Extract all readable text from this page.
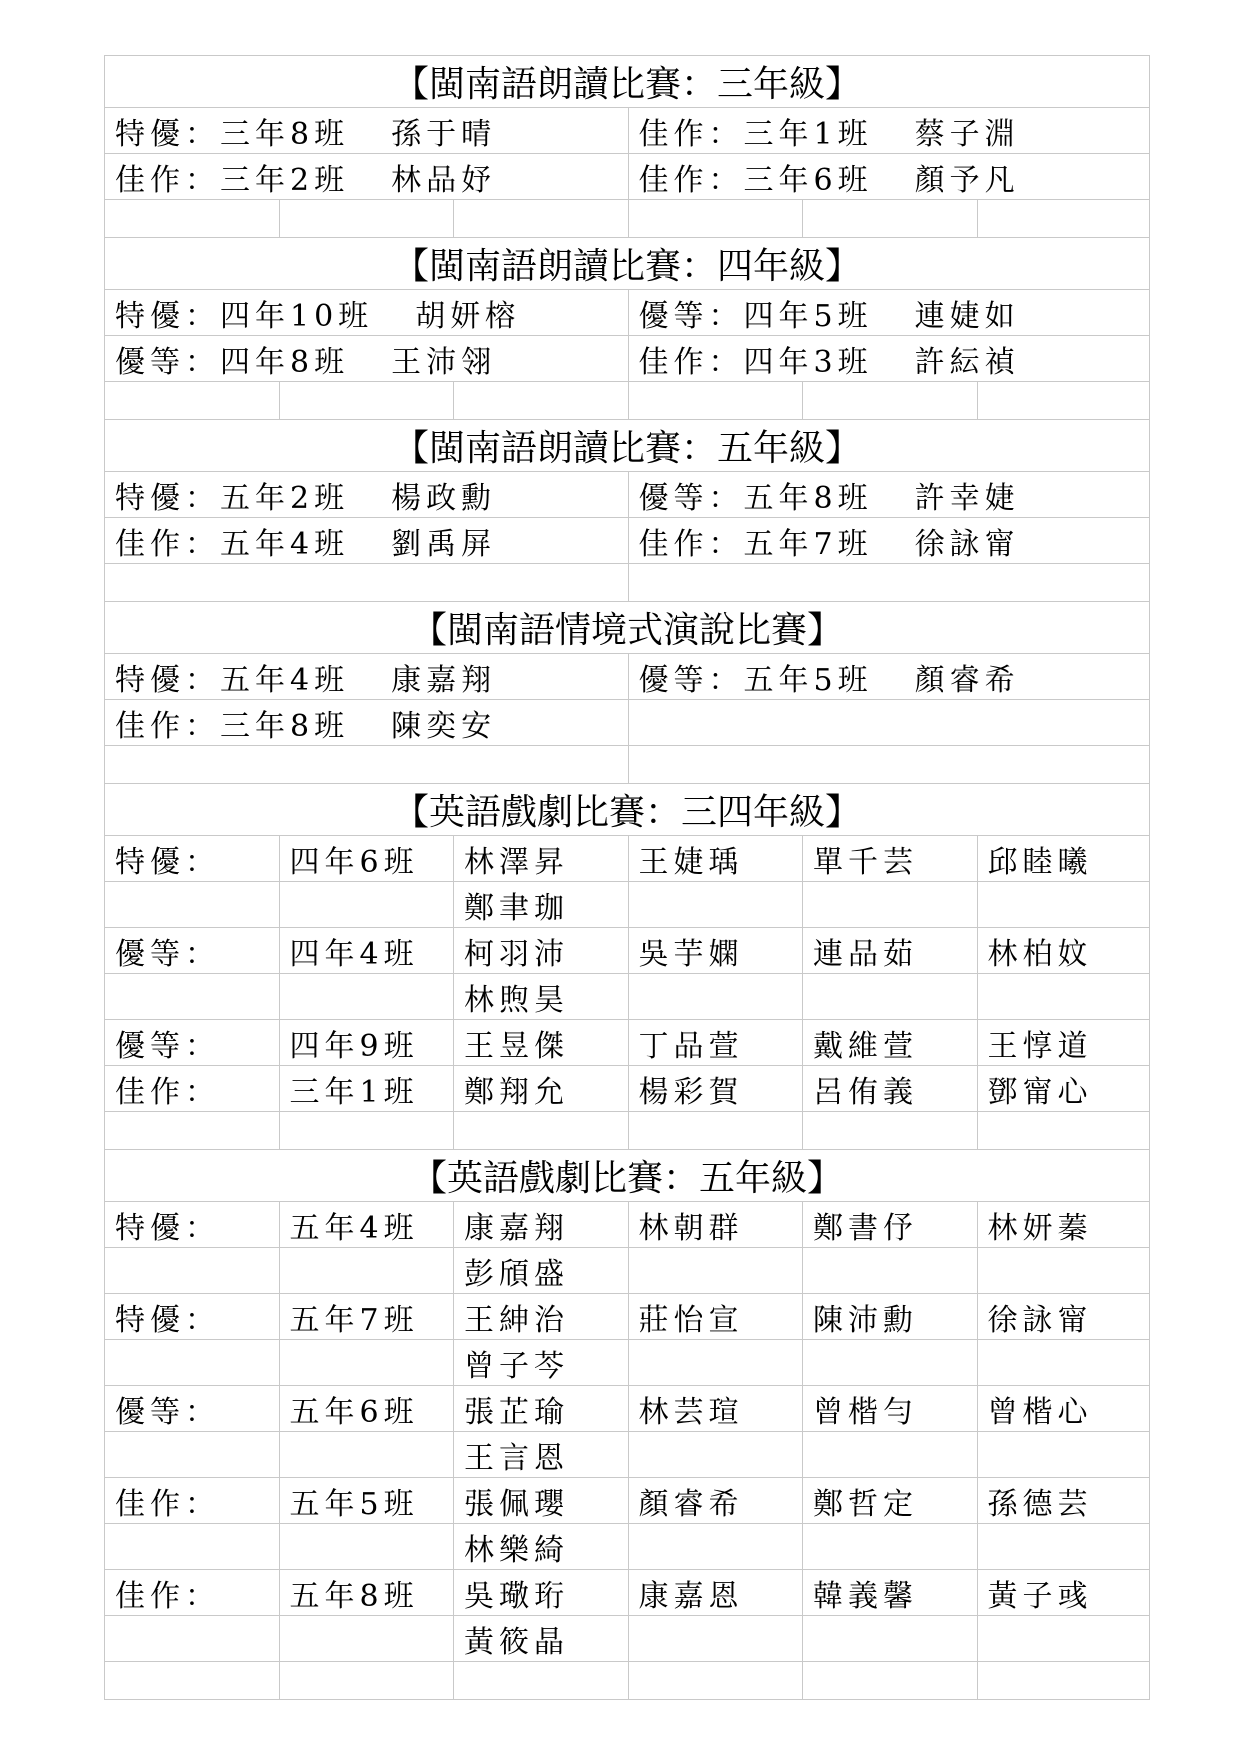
【閩南語朗讀比賽：三年級】					
特優：三年8班 孫于晴			佳作：三年1班 蔡子淵		
佳作：三年2班 林品妤			佳作：三年6班 顏予凡		

【閩南語朗讀比賽：四年級】					
特優：四年10班 胡妍榕			優等：四年5班 連婕如		
優等：四年8班 王沛翎			佳作：四年3班 許紜禎		

【閩南語朗讀比賽：五年級】					
特優：五年2班 楊政勳			優等：五年8班 許幸婕		
佳作：五年4班 劉禹屏			佳作：五年7班 徐詠甯		

【閩南語情境式演說比賽】					
特優：五年4班 康嘉翔			優等：五年5班 顏睿希		
佳作：三年8班 陳奕安					

【英語戲劇比賽：三四年級】					
特優：	四年6班	林澤昇	王婕瑀	單千芸	邱睦曦
		鄭聿珈			
優等：	四年4班	柯羽沛	吳芋嫻	連品茹	林柏妏
		林煦昊			
優等：	四年9班	王昱傑	丁品萱	戴維萱	王惇道
佳作：	三年1班	鄭翔允	楊彩賀	呂侑義	鄧甯心

【英語戲劇比賽：五年級】					
特優：	五年4班	康嘉翔	林朝群	鄭書伃	林妍蓁
		彭頎盛			
特優：	五年7班	王紳治	莊怡宣	陳沛勳	徐詠甯
		曾子芩			
優等：	五年6班	張芷瑜	林芸瑄	曾楷勻	曾楷心
		王言恩			
佳作：	五年5班	張佩瓔	顏睿希	鄭哲定	孫德芸
		林樂綺			
佳作：	五年8班	吳璥珩	康嘉恩	韓義馨	黃子彧
		黃筱晶			
